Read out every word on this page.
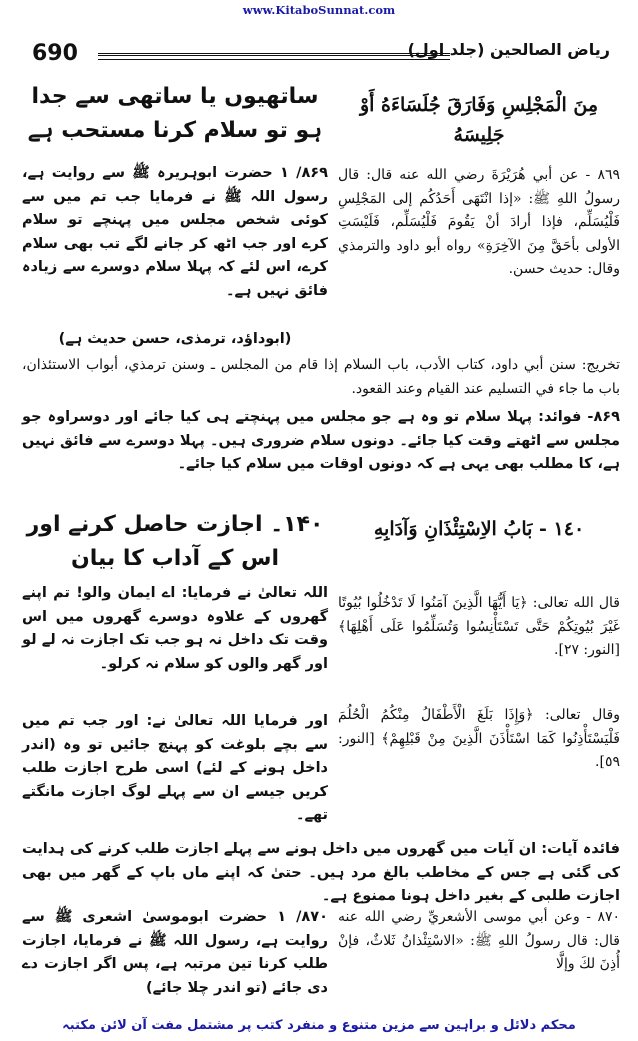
www.KitaboSunnat.com
690	ریاض الصالحین (جلد اول)
ساتھیوں یا ساتھی سے جدا ہو تو سلام کرنا مستحب ہے
مِنَ الْمَجْلِسِ وَفَارَقَ جُلَسَاءَهُ أَوْ جَلِيسَهُ
۸۶۹/ ۱ حضرت ابوہریرہ ﷺ سے روایت ہے، رسول اللہ ﷺ نے فرمایا جب تم میں سے کوئی شخص مجلس میں پہنچے تو سلام کرے اور جب اٹھ کر جانے لگے تب بھی سلام کرے، اس لئے کہ پہلا سلام دوسرے سے زیادہ فائق نہیں ہے۔
(ابوداؤد، ترمذی، حسن حدیث ہے)
٨٦٩ - عن أبي هُرَيْرَةَ رضي الله عنه قال: قال رسولُ اللهِ ﷺ: «إذا انْتَهَى أَحَدُكُم إلى المَجْلِسِ فَلْيُسَلِّم، فإذا أرادَ أنْ يَقُومَ فَلْيُسَلِّم، فَلَيْسَتِ الأولى بأحَقَّ مِنَ الآخِرَةِ» رواه أبو داود والترمذي وقال: حديث حسن.
تخريج: سنن أبي داود، كتاب الأدب، باب السلام إذا قام من المجلس ـ وسنن ترمذي، أبواب الاستئذان، باب ما جاء في التسليم عند القيام وعند القعود.
۸۶۹- فوائد: پہلا سلام تو وہ ہے جو مجلس میں پہنچتے ہی کیا جائے اور دوسراوہ جو مجلس سے اٹھتے وقت کیا جائے۔ دونوں سلام ضروری ہیں۔ پہلا دوسرے سے فائق نہیں ہے، کا مطلب بھی یہی ہے کہ دونوں اوقات میں سلام کیا جائے۔
۱۴۰۔ اجازت حاصل کرنے اور اس کے آداب کا بیان
١٤٠ - بَابُ الاِسْتِئْذَانِ وَآدَابِهِ
اللہ تعالیٰ نے فرمایا: اے ایمان والو! تم اپنے گھروں کے علاوہ دوسرے گھروں میں اس وقت تک داخل نہ ہو جب تک اجازت نہ لے لو اور گھر والوں کو سلام نہ کرلو۔
قال الله تعالى: ﴿يَا أَيُّهَا الَّذِينَ آمَنُوا لَا تَدْخُلُوا بُيُوتًا غَيْرَ بُيُوتِكُمْ حَتَّى تَسْتَأْنِسُوا وَتُسَلِّمُوا عَلَى أَهْلِهَا﴾ [النور: ٢٧].
اور فرمایا اللہ تعالیٰ نے: اور جب تم میں سے بچے بلوغت کو پہنچ جائیں تو وہ (اندر داخل ہونے کے لئے) اسی طرح اجازت طلب کریں جیسے ان سے پہلے لوگ اجازت مانگتے تھے۔
وقال تعالى: ﴿وَإِذَا بَلَغَ الْأَطْفَالُ مِنْكُمُ الْحُلُمَ فَلْيَسْتَأْذِنُوا كَمَا اسْتَأْذَنَ الَّذِينَ مِنْ قَبْلِهِمْ﴾ [النور: ٥٩].
فائدہ آیات: ان آیات میں گھروں میں داخل ہونے سے پہلے اجازت طلب کرنے کی ہدایت کی گئی ہے جس کے مخاطب بالغ مرد ہیں۔ حتیٰ کہ اپنے ماں باپ کے گھر میں بھی اجازت طلبی کے بغیر داخل ہونا ممنوع ہے۔
۸۷۰/ ۱ حضرت ابوموسیٰ اشعری ﷺ سے روایت ہے، رسول اللہ ﷺ نے فرمایا، اجازت طلب کرنا تین مرتبہ ہے، پس اگر اجازت دے دی جائے (تو اندر چلا جائے)
٨٧٠ - وعن أبي موسى الأشعريِّ رضي الله عنه قال: قال رسولُ اللهِ ﷺ: «الاسْتِئْذانُ ثَلاثٌ، فإنْ أُذِنَ لكَ وإلَّا
محکم دلائل و براہین سے مزین متنوع و منفرد کتب پر مشتمل مفت آن لائن مکتبہ
